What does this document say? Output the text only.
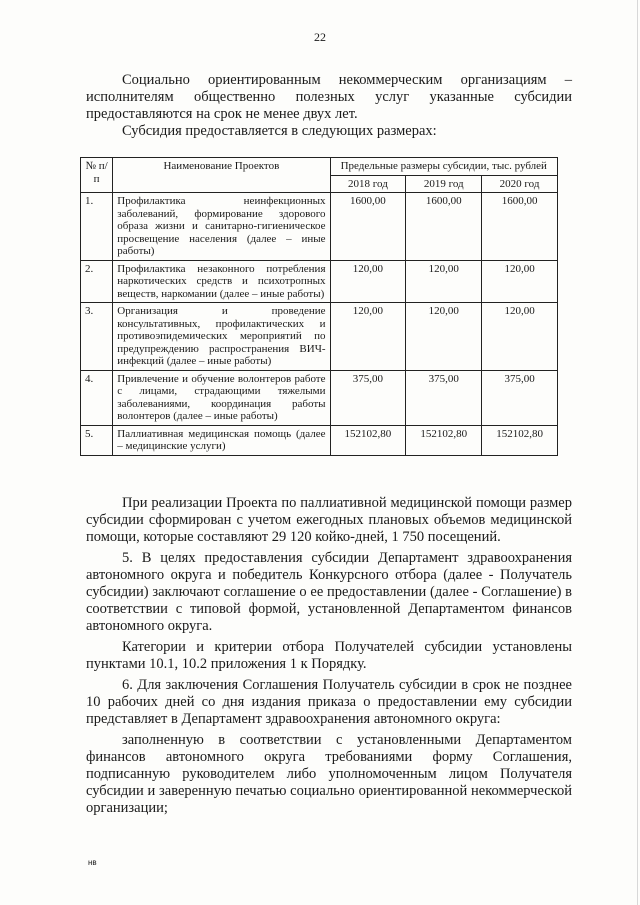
22

Социально ориентированным некоммерческим организациям – исполнителям общественно полезных услуг указанные субсидии предоставляются на срок не менее двух лет.

Субсидия предоставляется в следующих размерах:

№ п/п	Наименование Проектов	Предельные размеры субсидии, тыс. рублей		
		2018 год	2019 год	2020 год
1.	Профилактика неинфекционных заболеваний, формирование здорового образа жизни и санитарно-гигиеническое просвещение населения (далее – иные работы)	1600,00	1600,00	1600,00
2.	Профилактика незаконного потребления наркотических средств и психотропных веществ, наркомании (далее – иные работы)	120,00	120,00	120,00
3.	Организация и проведение консультативных, профилактических и противоэпидемических мероприятий по предупреждению распространения ВИЧ-инфекций (далее – иные работы)	120,00	120,00	120,00
4.	Привлечение и обучение волонтеров работе с лицами, страдающими тяжелыми заболеваниями, координация работы волонтеров (далее – иные работы)	375,00	375,00	375,00
5.	Паллиативная медицинская помощь (далее – медицинские услуги)	152102,80	152102,80	152102,80

При реализации Проекта по паллиативной медицинской помощи размер субсидии сформирован с учетом ежегодных плановых объемов медицинской помощи, которые составляют 29 120 койко-дней, 1 750 посещений.

5. В целях предоставления субсидии Департамент здравоохранения автономного округа и победитель Конкурсного отбора (далее - Получатель субсидии) заключают соглашение о ее предоставлении (далее - Соглашение) в соответствии с типовой формой, установленной Департаментом финансов автономного округа.

Категории и критерии отбора Получателей субсидии установлены пунктами 10.1, 10.2 приложения 1 к Порядку.

6. Для заключения Соглашения Получатель субсидии в срок не позднее 10 рабочих дней со дня издания приказа о предоставлении ему субсидии представляет в Департамент здравоохранения автономного округа:

заполненную в соответствии с установленными Департаментом финансов автономного округа требованиями форму Соглашения, подписанную руководителем либо уполномоченным лицом Получателя субсидии и заверенную печатью социально ориентированной некоммерческой организации;

нв
